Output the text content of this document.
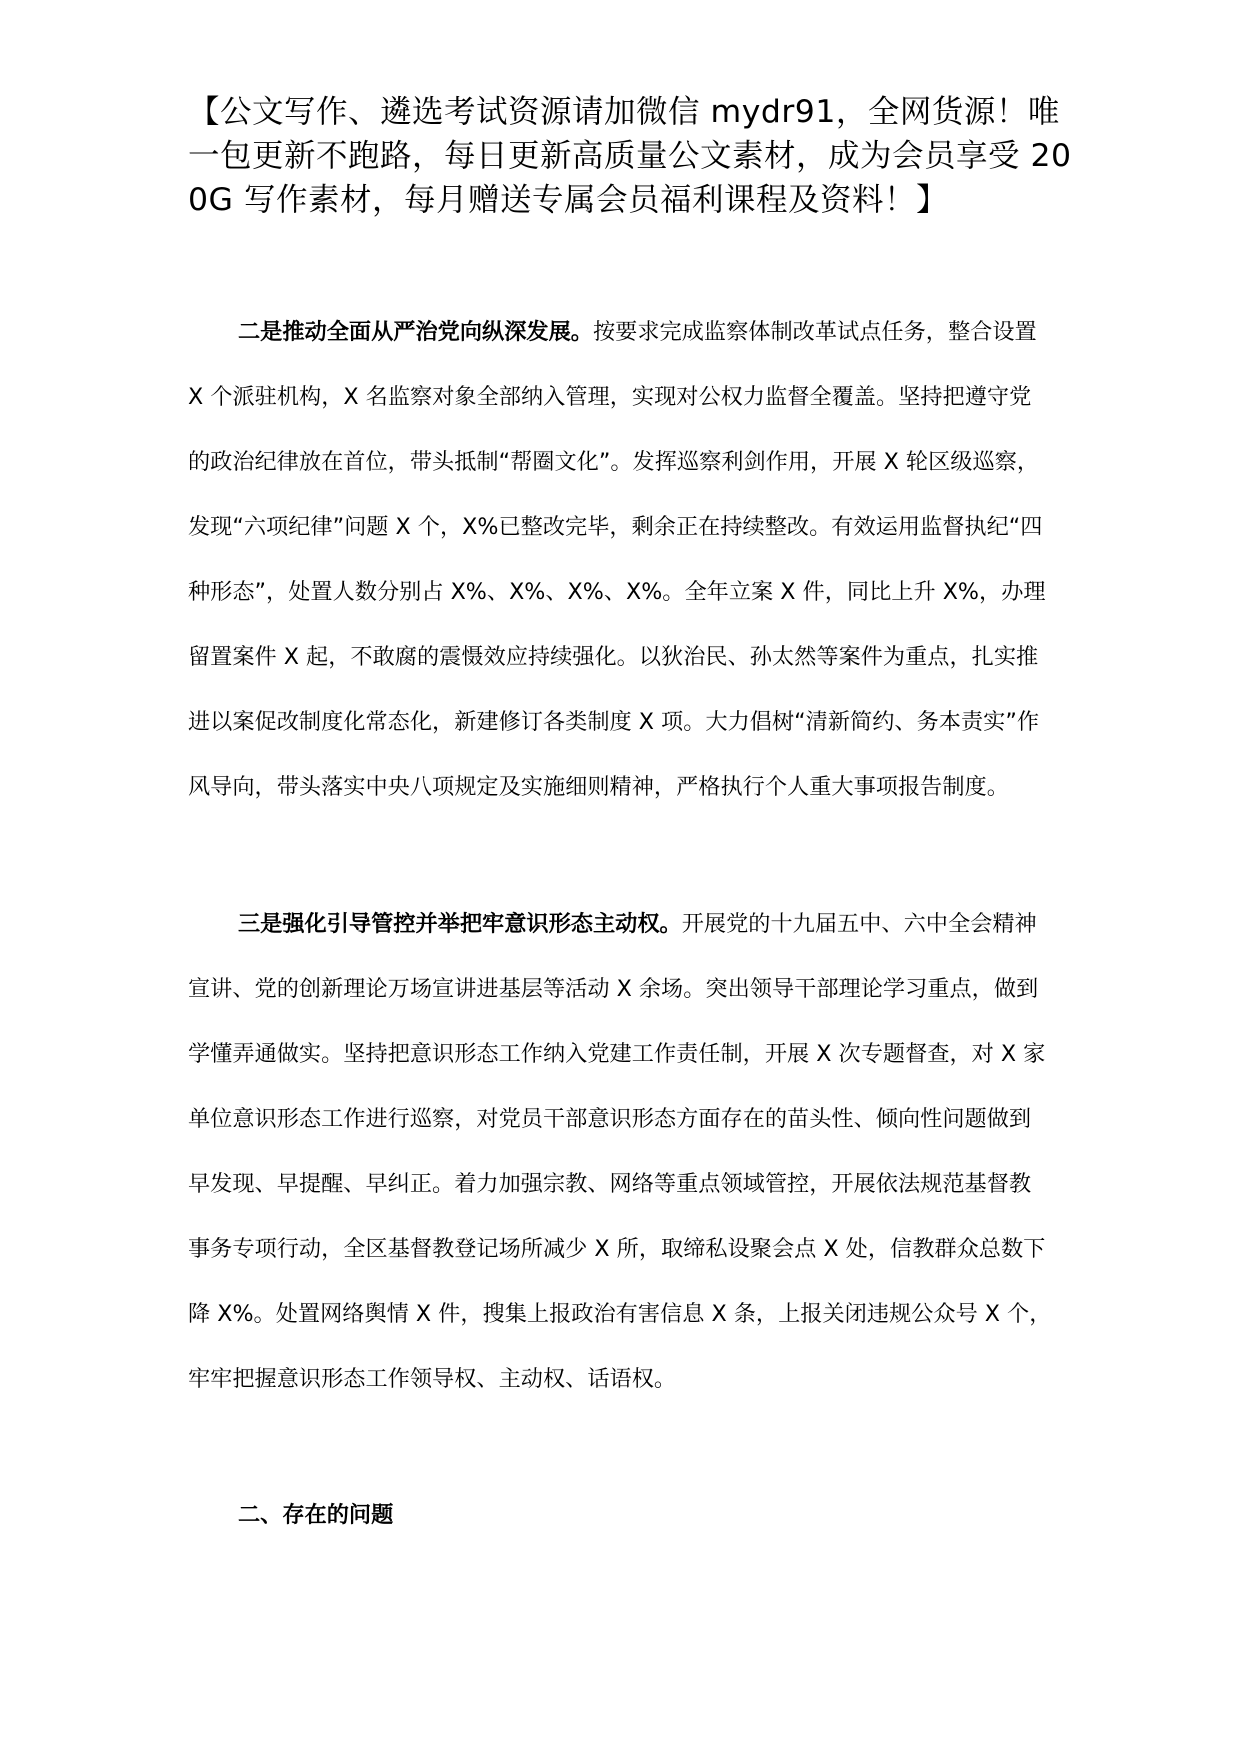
【公文写作、遴选考试资源请加微信 mydr91，全网货源！唯一包更新不跑路，每日更新高质量公文素材，成为会员享受 200G 写作素材，每月赠送专属会员福利课程及资料！】

二是推动全面从严治党向纵深发展。按要求完成监察体制改革试点任务，整合设置 X 个派驻机构，X 名监察对象全部纳入管理，实现对公权力监督全覆盖。坚持把遵守党的政治纪律放在首位，带头抵制“帮圈文化”。发挥巡察利剑作用，开展 X 轮区级巡察，发现“六项纪律”问题 X 个，X%已整改完毕，剩余正在持续整改。有效运用监督执纪“四种形态”，处置人数分别占 X%、X%、X%、X%。全年立案 X 件，同比上升 X%，办理留置案件 X 起，不敢腐的震慑效应持续强化。以狄治民、孙太然等案件为重点，扎实推进以案促改制度化常态化，新建修订各类制度 X 项。大力倡树“清新简约、务本责实”作风导向，带头落实中央八项规定及实施细则精神，严格执行个人重大事项报告制度。

三是强化引导管控并举把牢意识形态主动权。开展党的十九届五中、六中全会精神宣讲、党的创新理论万场宣讲进基层等活动 X 余场。突出领导干部理论学习重点，做到学懂弄通做实。坚持把意识形态工作纳入党建工作责任制，开展 X 次专题督查，对 X 家单位意识形态工作进行巡察，对党员干部意识形态方面存在的苗头性、倾向性问题做到早发现、早提醒、早纠正。着力加强宗教、网络等重点领域管控，开展依法规范基督教事务专项行动，全区基督教登记场所减少 X 所，取缔私设聚会点 X 处，信教群众总数下降 X%。处置网络舆情 X 件，搜集上报政治有害信息 X 条，上报关闭违规公众号 X 个，牢牢把握意识形态工作领导权、主动权、话语权。

二、存在的问题
